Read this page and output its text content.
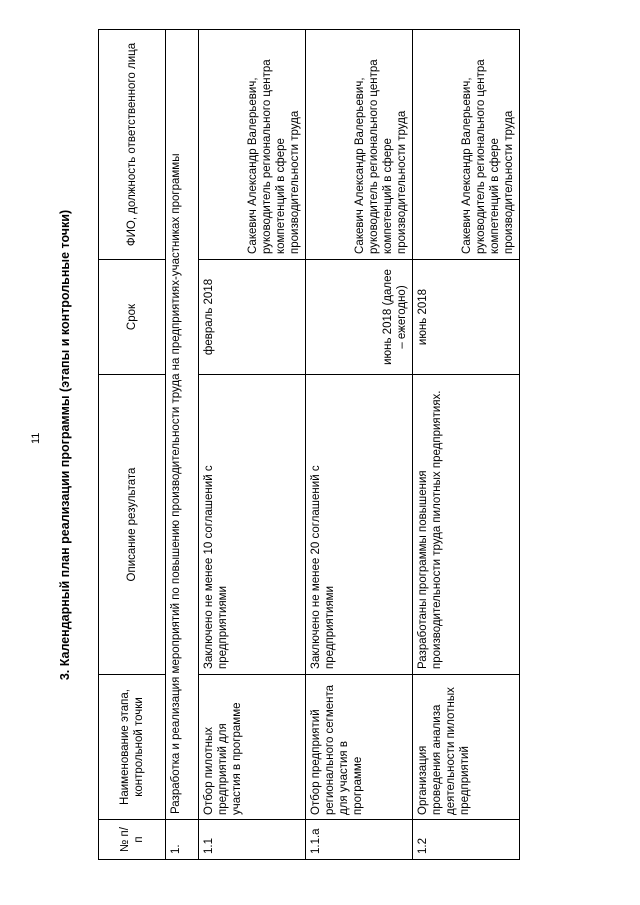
11 3. Календарный план реализации программы (этапы и контрольные точки)
№ п/п	Наименование этапа, контрольной точки	Описание результата	Срок	ФИО, должность ответственного лица
1.	Разработка и реализация мероприятий по повышению производительности труда на предприятиях-участниках программы			
1.1	Отбор пилотных предприятий для участия в программе	Заключено не менее 10 соглашений с предприятиями	февраль 2018	Сакевич Александр Валерьевич, руководитель регионального центра компетенций в сфере производительности труда
1.1.a	Отбор предприятий регионального сегмента для участия в программе	Заключено не менее 20 соглашений с предприятиями	июнь 2018 (далее – ежегодно)	Сакевич Александр Валерьевич, руководитель регионального центра компетенций в сфере производительности труда
1.2	Организация проведения анализа деятельности пилотных предприятий	Разработаны программы повышения производительности труда пилотных предприятиях.	июнь 2018	Сакевич Александр Валерьевич, руководитель регионального центра компетенций в сфере производительности труда
